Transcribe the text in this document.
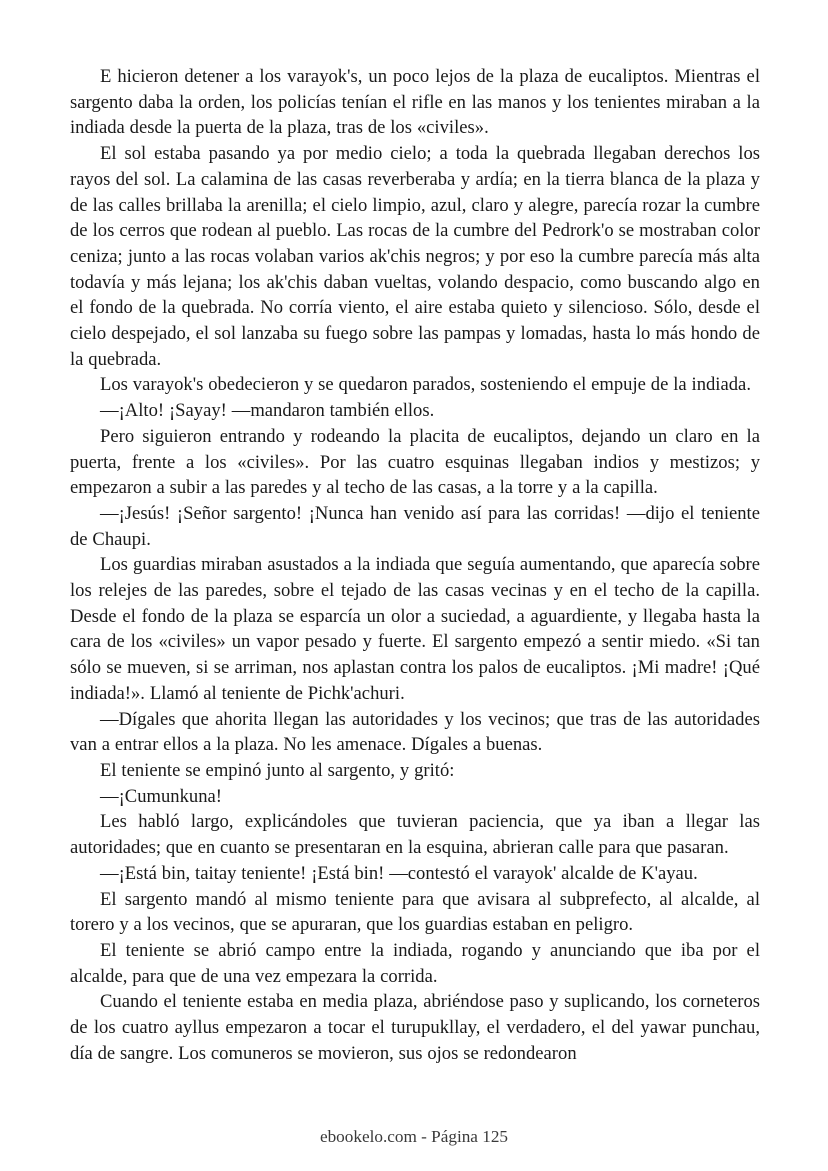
E hicieron detener a los varayok's, un poco lejos de la plaza de eucaliptos. Mientras el sargento daba la orden, los policías tenían el rifle en las manos y los tenientes miraban a la indiada desde la puerta de la plaza, tras de los «civiles».

El sol estaba pasando ya por medio cielo; a toda la quebrada llegaban derechos los rayos del sol. La calamina de las casas reverberaba y ardía; en la tierra blanca de la plaza y de las calles brillaba la arenilla; el cielo limpio, azul, claro y alegre, parecía rozar la cumbre de los cerros que rodean al pueblo. Las rocas de la cumbre del Pedrork'o se mostraban color ceniza; junto a las rocas volaban varios ak'chis negros; y por eso la cumbre parecía más alta todavía y más lejana; los ak'chis daban vueltas, volando despacio, como buscando algo en el fondo de la quebrada. No corría viento, el aire estaba quieto y silencioso. Sólo, desde el cielo despejado, el sol lanzaba su fuego sobre las pampas y lomadas, hasta lo más hondo de la quebrada.

Los varayok's obedecieron y se quedaron parados, sosteniendo el empuje de la indiada.

—¡Alto! ¡Sayay! —mandaron también ellos.

Pero siguieron entrando y rodeando la placita de eucaliptos, dejando un claro en la puerta, frente a los «civiles». Por las cuatro esquinas llegaban indios y mestizos; y empezaron a subir a las paredes y al techo de las casas, a la torre y a la capilla.

—¡Jesús! ¡Señor sargento! ¡Nunca han venido así para las corridas! —dijo el teniente de Chaupi.

Los guardias miraban asustados a la indiada que seguía aumentando, que aparecía sobre los relejes de las paredes, sobre el tejado de las casas vecinas y en el techo de la capilla. Desde el fondo de la plaza se esparcía un olor a suciedad, a aguardiente, y llegaba hasta la cara de los «civiles» un vapor pesado y fuerte. El sargento empezó a sentir miedo. «Si tan sólo se mueven, si se arriman, nos aplastan contra los palos de eucaliptos. ¡Mi madre! ¡Qué indiada!». Llamó al teniente de Pichk'achuri.

—Dígales que ahorita llegan las autoridades y los vecinos; que tras de las autoridades van a entrar ellos a la plaza. No les amenace. Dígales a buenas.

El teniente se empinó junto al sargento, y gritó:

—¡Cumunkuna!

Les habló largo, explicándoles que tuvieran paciencia, que ya iban a llegar las autoridades; que en cuanto se presentaran en la esquina, abrieran calle para que pasaran.

—¡Está bin, taitay teniente! ¡Está bin! —contestó el varayok' alcalde de K'ayau.

El sargento mandó al mismo teniente para que avisara al subprefecto, al alcalde, al torero y a los vecinos, que se apuraran, que los guardias estaban en peligro.

El teniente se abrió campo entre la indiada, rogando y anunciando que iba por el alcalde, para que de una vez empezara la corrida.

Cuando el teniente estaba en media plaza, abriéndose paso y suplicando, los corneteros de los cuatro ayllus empezaron a tocar el turupukllay, el verdadero, el del yawar punchau, día de sangre. Los comuneros se movieron, sus ojos se redondearon

ebookelo.com - Página 125
